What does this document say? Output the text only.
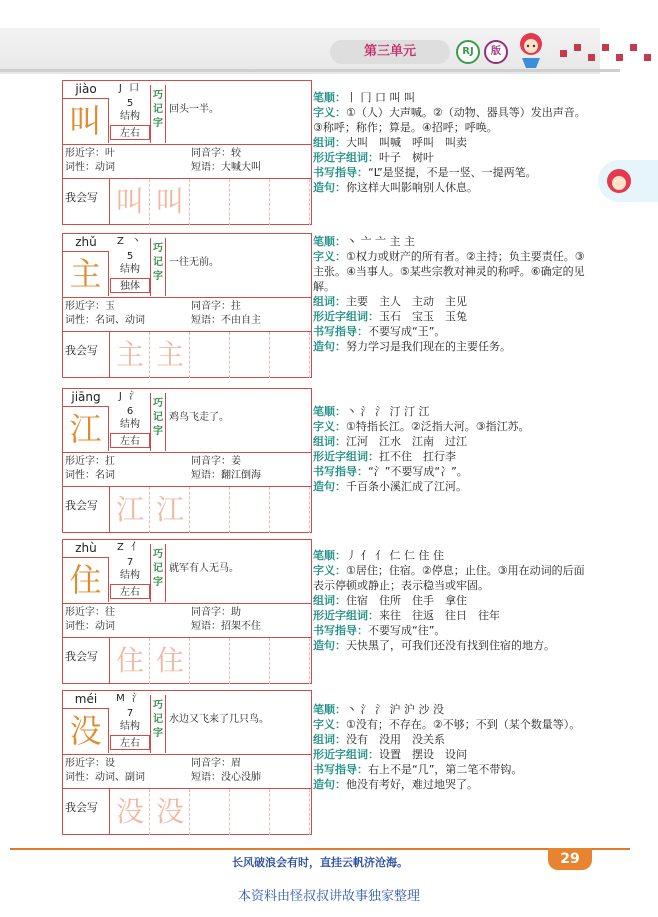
第三单元	RJ	版
jiào
叫
J 口
5
结构
左右
巧
记
字
回头一半。
形近字：叶	同音字：较
词性：动词	短语：大喊大叫
我会写 叫 叫
笔顺：丨 冂 口 叫 叫
字义：①（人）大声喊。②（动物、器具等）发出声音。③称呼；称作；算是。④招呼；呼唤。
组词：大叫　叫喊　呼叫　叫卖
形近字组词：叶子　树叶
书写指导：“L”是竖提，不是一竖、一提两笔。
造句：你这样大叫影响别人休息。
zhǔ
主
Z 丶
5
结构
独体
巧
记
字
一往无前。
形近字：玉	同音字：拄
词性：名词、动词	短语：不由自主
我会写 主 主
笔顺：丶 亠 亠 主 主
字义：①权力或财产的所有者。②主持；负主要责任。③主张。④当事人。⑤某些宗教对神灵的称呼。⑥确定的见解。
组词：主要　主人　主动　主见
形近字组词：玉石　宝玉　玉兔
书写指导：不要写成“王”。
造句：努力学习是我们现在的主要任务。
jiāng
江
J 氵
6
结构
左右
巧
记
字
鸡鸟飞走了。
形近字：扛	同音字：姜
词性：名词	短语：翻江倒海
我会写 江 江
笔顺：丶 氵 氵 汀 汀 江
字义：①特指长江。②泛指大河。③指江苏。
组词：江河　江水　江南　过江
形近字组词：扛不住　扛行李
书写指导：“氵”不要写成“冫”。
造句：千百条小溪汇成了江河。
zhù
住
Z 亻
7
结构
左右
巧
记
字
就军有人无马。
形近字：往	同音字：助
词性：动词	短语：招架不住
我会写 住 住
笔顺：丿 亻 亻 仁 仁 住 住
字义：①居住；住宿。②停息；止住。③用在动词的后面表示停顿或静止；表示稳当或牢固。
组词：住宿　住所　住手　拿住
形近字组词：来往　往返　往日　往年
书写指导：不要写成“往”。
造句：天快黑了，可我们还没有找到住宿的地方。
méi
没
M 氵
7
结构
左右
巧
记
字
水边又飞来了几只鸟。
形近字：设	同音字：眉
词性：动词、副词	短语：没心没肺
我会写 没 没
笔顺：丶 氵 氵 沪 沪 沙 没
字义：①没有；不存在。②不够；不到（某个数量等）。
组词：没有　没用　没关系
形近字组词：设置　摆设　设问
书写指导：右上不是“几”，第二笔不带钩。
造句：他没有考好，难过地哭了。
长风破浪会有时，直挂云帆济沧海。	29
本资料由怪叔叔讲故事独家整理
